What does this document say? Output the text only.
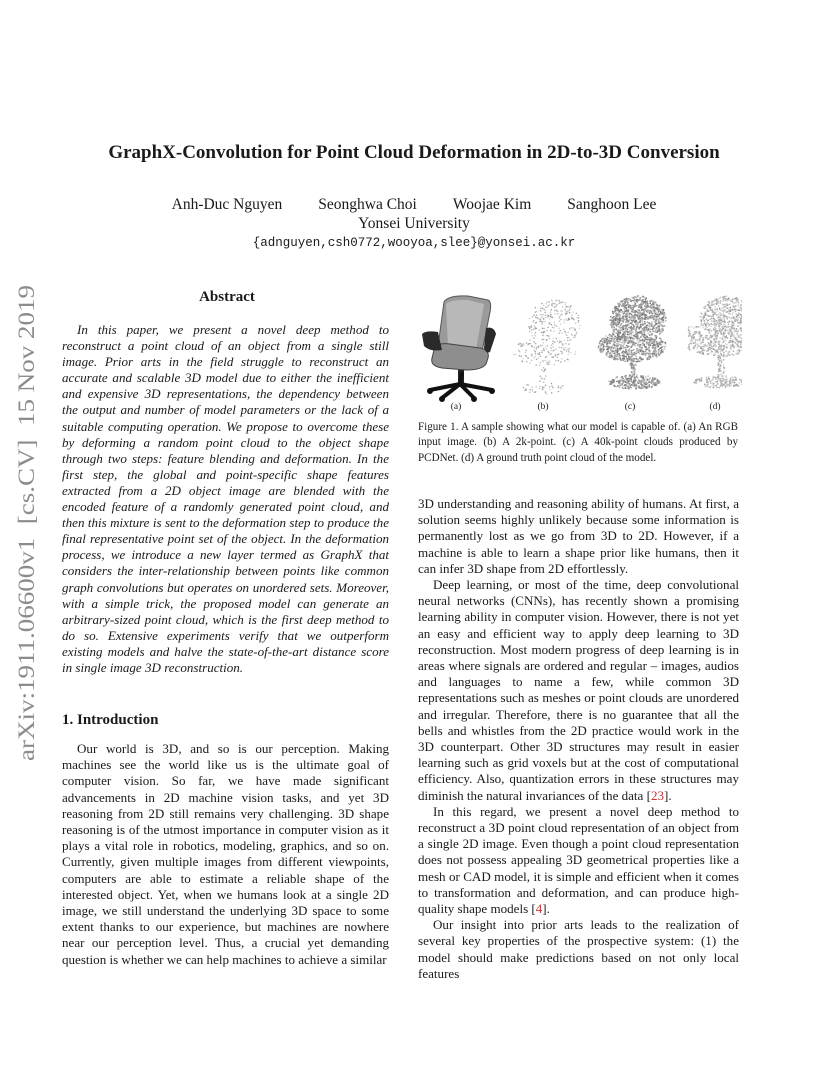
arXiv:1911.06600v1  [cs.CV]  15 Nov 2019
GraphX-Convolution for Point Cloud Deformation in 2D-to-3D Conversion
Anh-Duc Nguyen Seonghwa Choi Woojae Kim Sanghoon Lee
Yonsei University
{adnguyen,csh0772,wooyoa,slee}@yonsei.ac.kr
Abstract

In this paper, we present a novel deep method to reconstruct a point cloud of an object from a single still image. Prior arts in the field struggle to reconstruct an accurate and scalable 3D model due to either the inefficient and expensive 3D representations, the dependency between the output and number of model parameters or the lack of a suitable computing operation. We propose to overcome these by deforming a random point cloud to the object shape through two steps: feature blending and deformation. In the first step, the global and point-specific shape features extracted from a 2D object image are blended with the encoded feature of a randomly generated point cloud, and then this mixture is sent to the deformation step to produce the final representative point set of the object. In the deformation process, we introduce a new layer termed as GraphX that considers the inter-relationship between points like common graph convolutions but operates on unordered sets. Moreover, with a simple trick, the proposed model can generate an arbitrary-sized point cloud, which is the first deep method to do so. Extensive experiments verify that we outperform existing models and halve the state-of-the-art distance score in single image 3D reconstruction.

1. Introduction

Our world is 3D, and so is our perception. Making machines see the world like us is the ultimate goal of computer vision. So far, we have made significant advancements in 2D machine vision tasks, and yet 3D reasoning from 2D still remains very challenging. 3D shape reasoning is of the utmost importance in computer vision as it plays a vital role in robotics, modeling, graphics, and so on. Currently, given multiple images from different viewpoints, computers are able to estimate a reliable shape of the interested object. Yet, when we humans look at a single 2D image, we still understand the underlying 3D space to some extent thanks to our experience, but machines are nowhere near our perception level. Thus, a crucial yet demanding question is whether we can help machines to achieve a similar

(a)	(b)	(c)	(d)

Figure 1. A sample showing what our model is capable of. (a) An RGB input image. (b) A 2k-point. (c) A 40k-point clouds produced by PCDNet. (d) A ground truth point cloud of the model.

3D understanding and reasoning ability of humans. At first, a solution seems highly unlikely because some information is permanently lost as we go from 3D to 2D. However, if a machine is able to learn a shape prior like humans, then it can infer 3D shape from 2D effortlessly.

Deep learning, or most of the time, deep convolutional neural networks (CNNs), has recently shown a promising learning ability in computer vision. However, there is not yet an easy and efficient way to apply deep learning to 3D reconstruction. Most modern progress of deep learning is in areas where signals are ordered and regular – images, audios and languages to name a few, while common 3D representations such as meshes or point clouds are unordered and irregular. Therefore, there is no guarantee that all the bells and whistles from the 2D practice would work in the 3D counterpart. Other 3D structures may result in easier learning such as grid voxels but at the cost of computational efficiency. Also, quantization errors in these structures may diminish the natural invariances of the data [23].

In this regard, we present a novel deep method to reconstruct a 3D point cloud representation of an object from a single 2D image. Even though a point cloud representation does not possess appealing 3D geometrical properties like a mesh or CAD model, it is simple and efficient when it comes to transformation and deformation, and can produce high-quality shape models [4].

Our insight into prior arts leads to the realization of several key properties of the prospective system: (1) the model should make predictions based on not only local features
